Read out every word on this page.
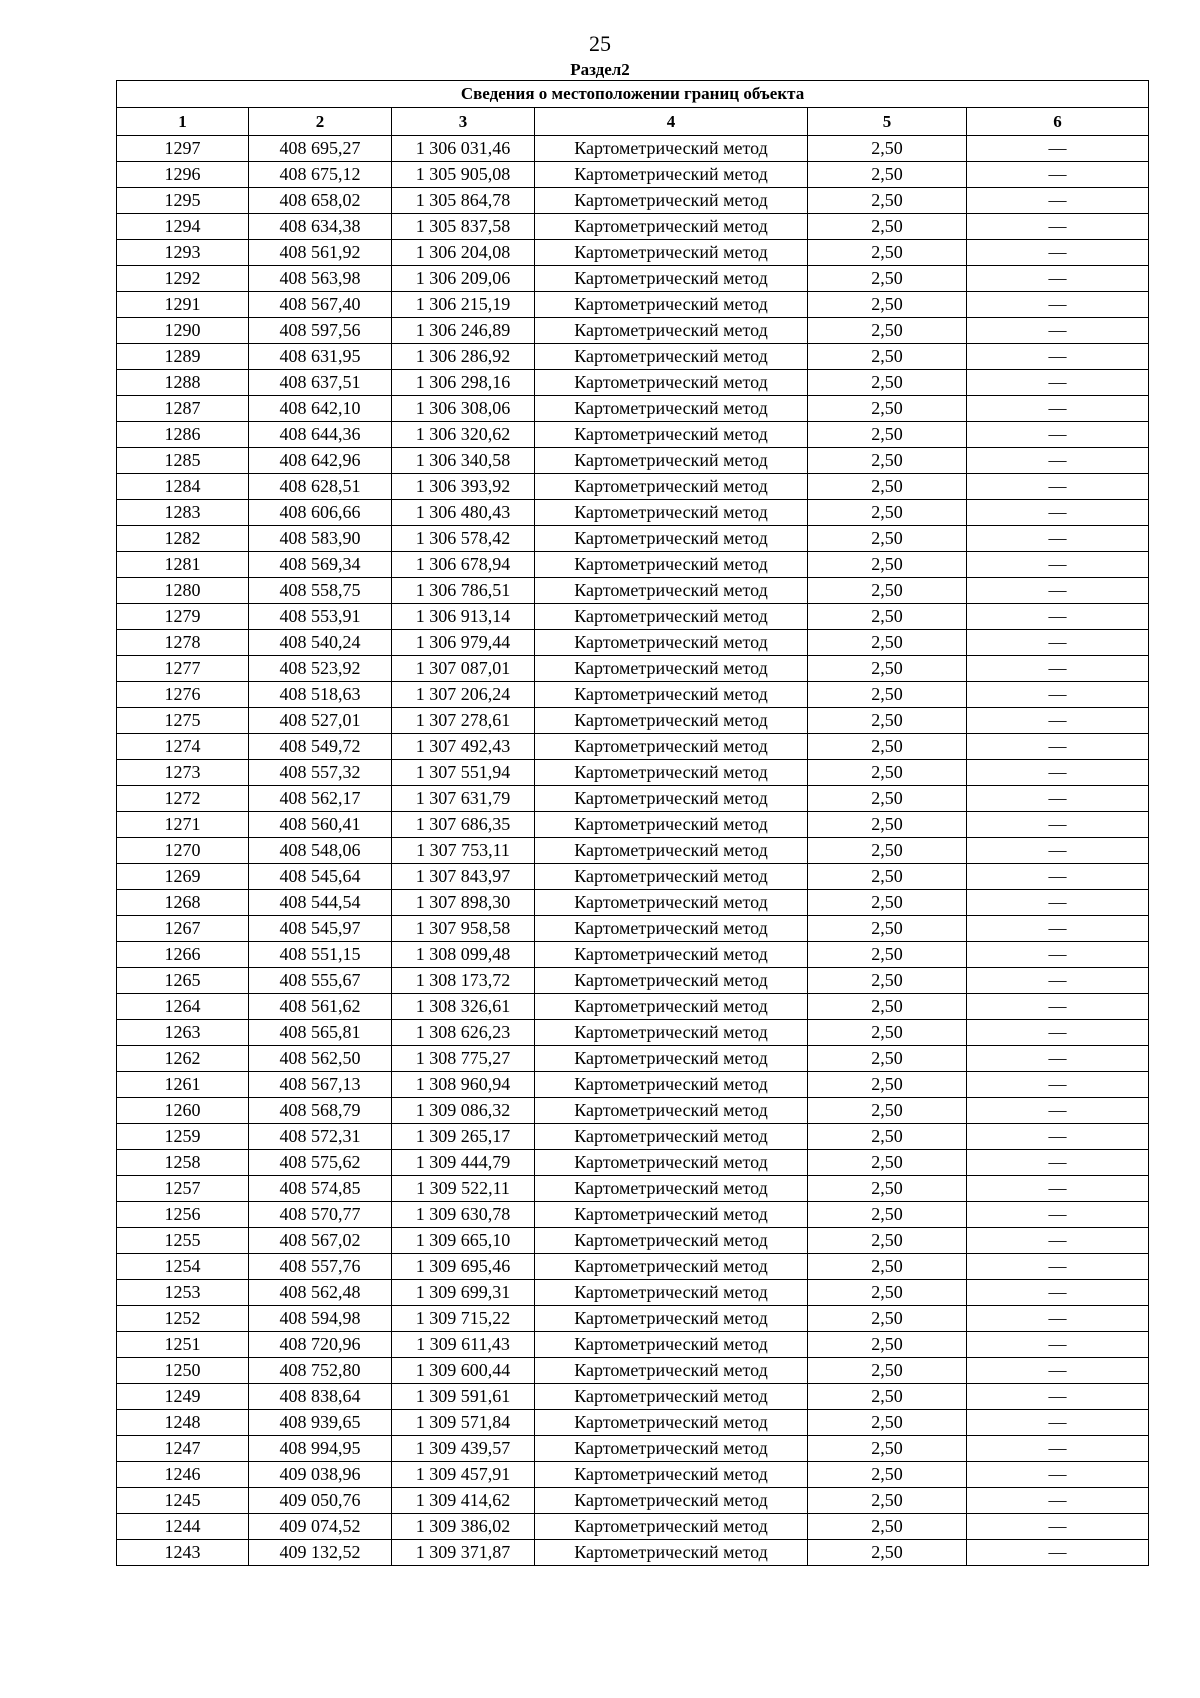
25
Раздел2
Сведения о местоположении границ объекта					
1	2	3	4	5	6
1297	408 695,27	1 306 031,46	Картометрический метод	2,50	—
1296	408 675,12	1 305 905,08	Картометрический метод	2,50	—
1295	408 658,02	1 305 864,78	Картометрический метод	2,50	—
1294	408 634,38	1 305 837,58	Картометрический метод	2,50	—
1293	408 561,92	1 306 204,08	Картометрический метод	2,50	—
1292	408 563,98	1 306 209,06	Картометрический метод	2,50	—
1291	408 567,40	1 306 215,19	Картометрический метод	2,50	—
1290	408 597,56	1 306 246,89	Картометрический метод	2,50	—
1289	408 631,95	1 306 286,92	Картометрический метод	2,50	—
1288	408 637,51	1 306 298,16	Картометрический метод	2,50	—
1287	408 642,10	1 306 308,06	Картометрический метод	2,50	—
1286	408 644,36	1 306 320,62	Картометрический метод	2,50	—
1285	408 642,96	1 306 340,58	Картометрический метод	2,50	—
1284	408 628,51	1 306 393,92	Картометрический метод	2,50	—
1283	408 606,66	1 306 480,43	Картометрический метод	2,50	—
1282	408 583,90	1 306 578,42	Картометрический метод	2,50	—
1281	408 569,34	1 306 678,94	Картометрический метод	2,50	—
1280	408 558,75	1 306 786,51	Картометрический метод	2,50	—
1279	408 553,91	1 306 913,14	Картометрический метод	2,50	—
1278	408 540,24	1 306 979,44	Картометрический метод	2,50	—
1277	408 523,92	1 307 087,01	Картометрический метод	2,50	—
1276	408 518,63	1 307 206,24	Картометрический метод	2,50	—
1275	408 527,01	1 307 278,61	Картометрический метод	2,50	—
1274	408 549,72	1 307 492,43	Картометрический метод	2,50	—
1273	408 557,32	1 307 551,94	Картометрический метод	2,50	—
1272	408 562,17	1 307 631,79	Картометрический метод	2,50	—
1271	408 560,41	1 307 686,35	Картометрический метод	2,50	—
1270	408 548,06	1 307 753,11	Картометрический метод	2,50	—
1269	408 545,64	1 307 843,97	Картометрический метод	2,50	—
1268	408 544,54	1 307 898,30	Картометрический метод	2,50	—
1267	408 545,97	1 307 958,58	Картометрический метод	2,50	—
1266	408 551,15	1 308 099,48	Картометрический метод	2,50	—
1265	408 555,67	1 308 173,72	Картометрический метод	2,50	—
1264	408 561,62	1 308 326,61	Картометрический метод	2,50	—
1263	408 565,81	1 308 626,23	Картометрический метод	2,50	—
1262	408 562,50	1 308 775,27	Картометрический метод	2,50	—
1261	408 567,13	1 308 960,94	Картометрический метод	2,50	—
1260	408 568,79	1 309 086,32	Картометрический метод	2,50	—
1259	408 572,31	1 309 265,17	Картометрический метод	2,50	—
1258	408 575,62	1 309 444,79	Картометрический метод	2,50	—
1257	408 574,85	1 309 522,11	Картометрический метод	2,50	—
1256	408 570,77	1 309 630,78	Картометрический метод	2,50	—
1255	408 567,02	1 309 665,10	Картометрический метод	2,50	—
1254	408 557,76	1 309 695,46	Картометрический метод	2,50	—
1253	408 562,48	1 309 699,31	Картометрический метод	2,50	—
1252	408 594,98	1 309 715,22	Картометрический метод	2,50	—
1251	408 720,96	1 309 611,43	Картометрический метод	2,50	—
1250	408 752,80	1 309 600,44	Картометрический метод	2,50	—
1249	408 838,64	1 309 591,61	Картометрический метод	2,50	—
1248	408 939,65	1 309 571,84	Картометрический метод	2,50	—
1247	408 994,95	1 309 439,57	Картометрический метод	2,50	—
1246	409 038,96	1 309 457,91	Картометрический метод	2,50	—
1245	409 050,76	1 309 414,62	Картометрический метод	2,50	—
1244	409 074,52	1 309 386,02	Картометрический метод	2,50	—
1243	409 132,52	1 309 371,87	Картометрический метод	2,50	—
